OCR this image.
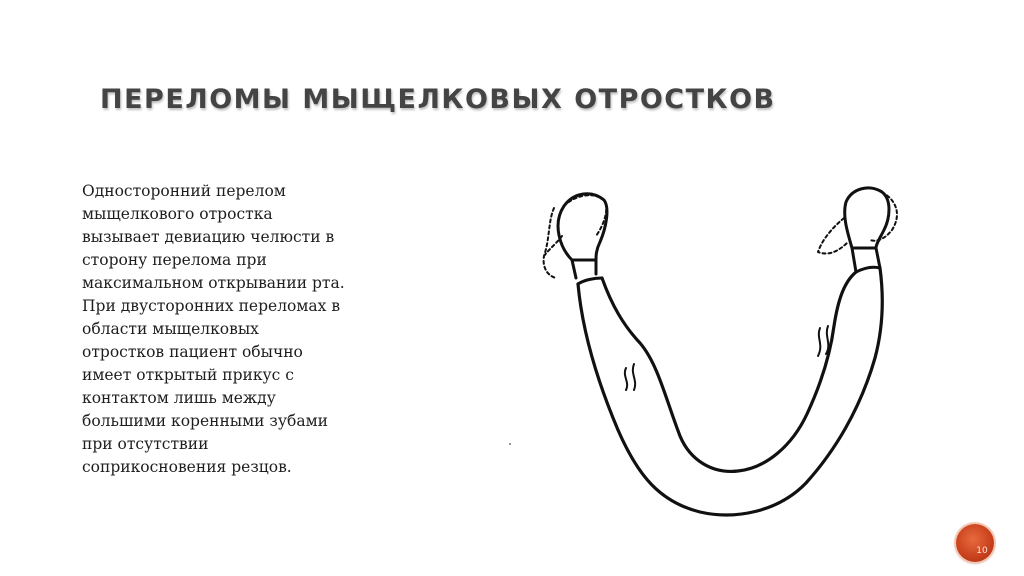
ПЕРЕЛОМЫ МЫЩЕЛКОВЫХ ОТРОСТКОВ
Односторонний перелом
мыщелкового отростка
вызывает девиацию челюсти в
сторону перелома при
максимальном открывании рта.
При двусторонних переломах в
области мыщелковых
отростков пациент обычно
имеет открытый прикус с
контактом лишь между
большими коренными зубами
при отсутствии
соприкосновения резцов.
10
